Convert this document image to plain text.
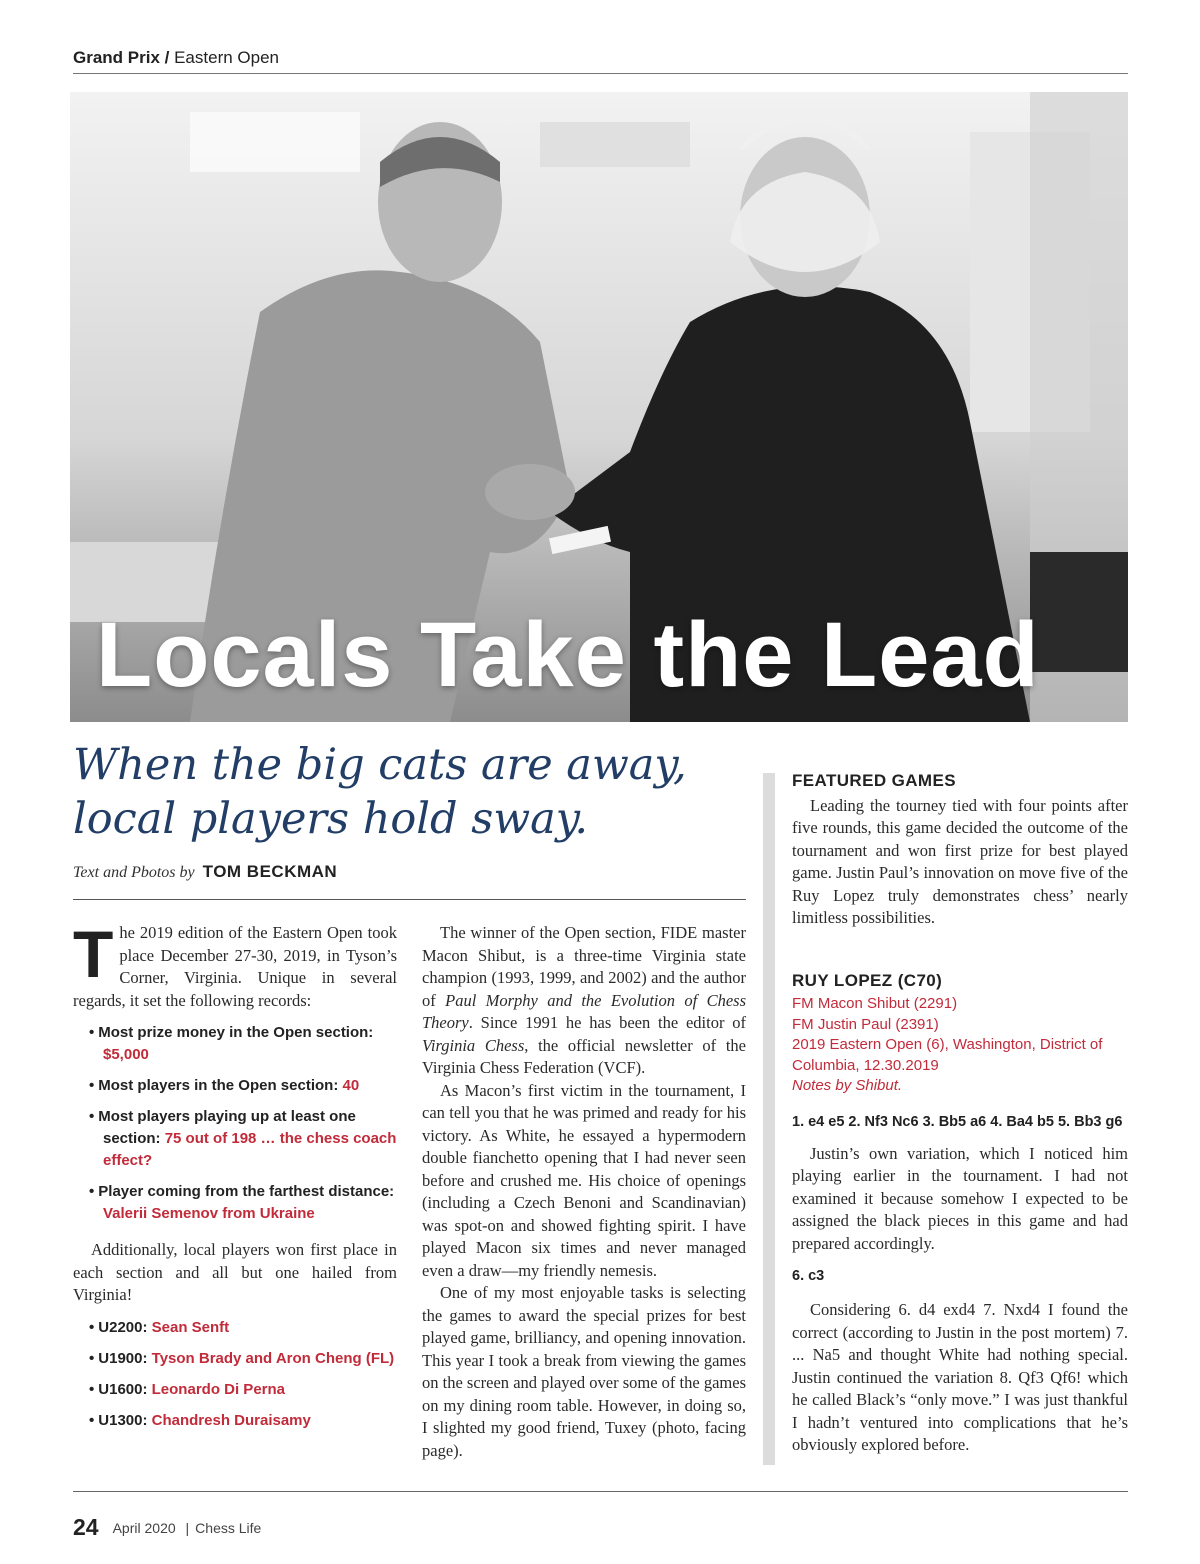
Grand Prix / Eastern Open
Locals Take the Lead
When the big cats are away,
local players hold sway.
Text and Pbotos by TOM BECKMAN

The 2019 edition of the Eastern Open took place December 27-30, 2019, in Tyson’s Corner, Virginia. Unique in several regards, it set the following records:

• Most prize money in the Open section: $5,000
• Most players in the Open section: 40
• Most players playing up at least one section: 75 out of 198 … the chess coach effect?
• Player coming from the farthest distance: Valerii Semenov from Ukraine

Additionally, local players won first place in each section and all but one hailed from Virginia!

• U2200: Sean Senft
• U1900: Tyson Brady and Aron Cheng (FL)
• U1600: Leonardo Di Perna
• U1300: Chandresh Duraisamy

The winner of the Open section, FIDE master Macon Shibut, is a three-time Virginia state champion (1993, 1999, and 2002) and the author of Paul Morphy and the Evolution of Chess Theory. Since 1991 he has been the editor of Virginia Chess, the official newsletter of the Virginia Chess Federation (VCF).

As Macon’s first victim in the tournament, I can tell you that he was primed and ready for his victory. As White, he essayed a hypermodern double fianchetto opening that I had never seen before and crushed me. His choice of openings (including a Czech Benoni and Scandinavian) was spot-on and showed fighting spirit. I have played Macon six times and never managed even a draw—my friendly nemesis.

One of my most enjoyable tasks is selecting the games to award the special prizes for best played game, brilliancy, and opening innovation. This year I took a break from viewing the games on the screen and played over some of the games on my dining room table. However, in doing so, I slighted my good friend, Tuxey (photo, facing page).

FEATURED GAMES

Leading the tourney tied with four points after five rounds, this game decided the outcome of the tournament and won first prize for best played game. Justin Paul’s innovation on move five of the Ruy Lopez truly demonstrates chess’ nearly limitless possibilities.

RUY LOPEZ (C70)
FM Macon Shibut (2291)
FM Justin Paul (2391)
2019 Eastern Open (6), Washington, District of Columbia, 12.30.2019
Notes by Shibut.

1. e4 e5 2. Nf3 Nc6 3. Bb5 a6 4. Ba4 b5 5. Bb3 g6

Justin’s own variation, which I noticed him playing earlier in the tournament. I had not examined it because somehow I expected to be assigned the black pieces in this game and had prepared accordingly.

6. c3

Considering 6. d4 exd4 7. Nxd4 I found the correct (according to Justin in the post mortem) 7. ... Na5 and thought White had nothing special. Justin continued the variation 8. Qf3 Qf6! which he called Black’s “only move.” I was just thankful I hadn’t ventured into complications that he’s obviously explored before.

24 April 2020 | Chess Life
